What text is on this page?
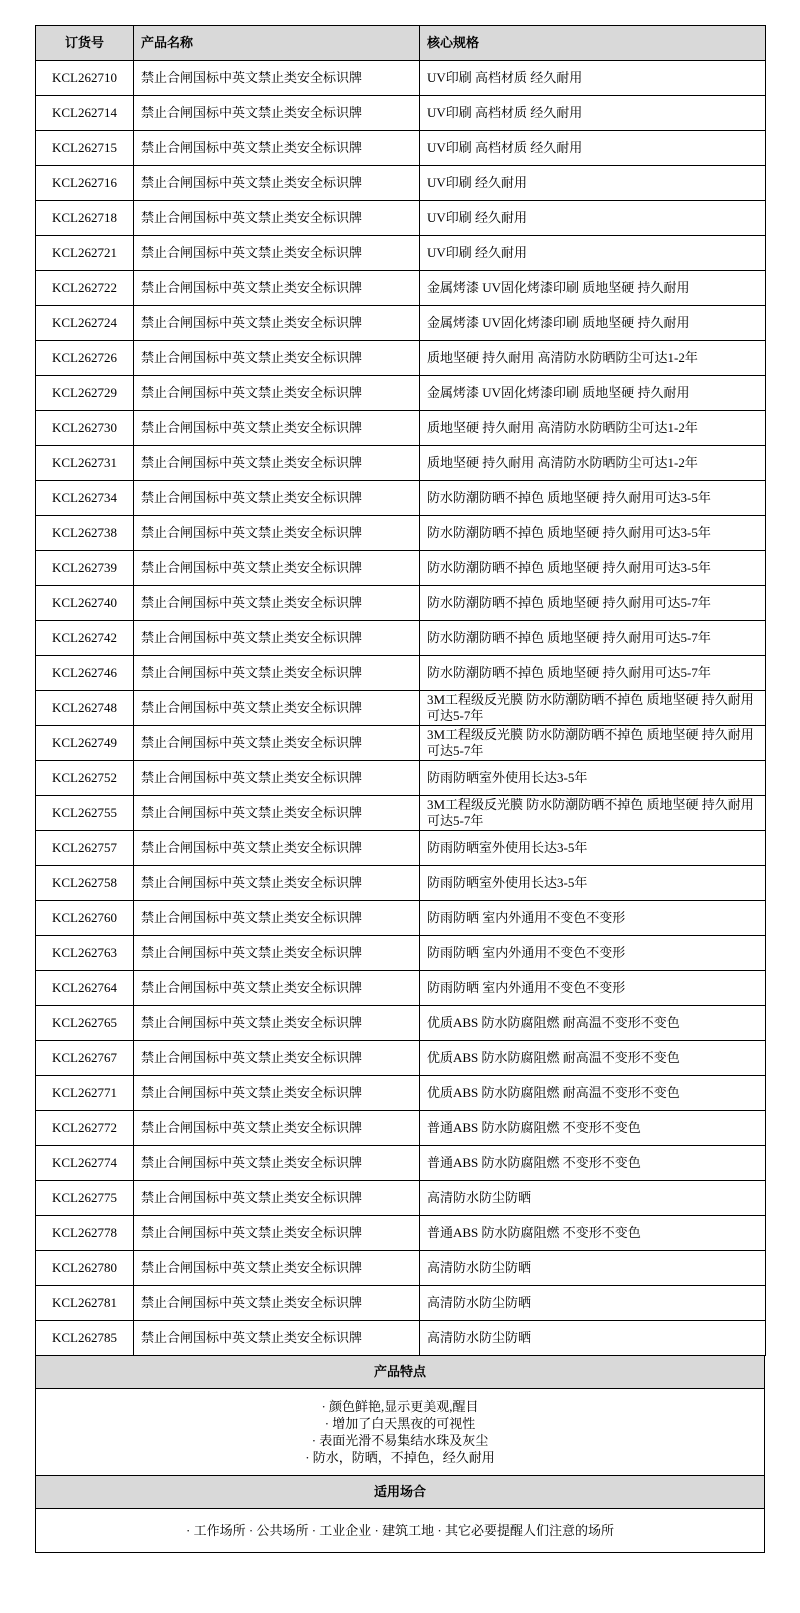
订货号	产品名称	核心规格
KCL262710	禁止合闸国标中英文禁止类安全标识牌	UV印刷 高档材质 经久耐用
KCL262714	禁止合闸国标中英文禁止类安全标识牌	UV印刷 高档材质 经久耐用
KCL262715	禁止合闸国标中英文禁止类安全标识牌	UV印刷 高档材质 经久耐用
KCL262716	禁止合闸国标中英文禁止类安全标识牌	UV印刷 经久耐用
KCL262718	禁止合闸国标中英文禁止类安全标识牌	UV印刷 经久耐用
KCL262721	禁止合闸国标中英文禁止类安全标识牌	UV印刷 经久耐用
KCL262722	禁止合闸国标中英文禁止类安全标识牌	金属烤漆 UV固化烤漆印刷 质地坚硬 持久耐用
KCL262724	禁止合闸国标中英文禁止类安全标识牌	金属烤漆 UV固化烤漆印刷 质地坚硬 持久耐用
KCL262726	禁止合闸国标中英文禁止类安全标识牌	质地坚硬 持久耐用 高清防水防晒防尘可达1-2年
KCL262729	禁止合闸国标中英文禁止类安全标识牌	金属烤漆 UV固化烤漆印刷 质地坚硬 持久耐用
KCL262730	禁止合闸国标中英文禁止类安全标识牌	质地坚硬 持久耐用 高清防水防晒防尘可达1-2年
KCL262731	禁止合闸国标中英文禁止类安全标识牌	质地坚硬 持久耐用 高清防水防晒防尘可达1-2年
KCL262734	禁止合闸国标中英文禁止类安全标识牌	防水防潮防晒不掉色 质地坚硬 持久耐用可达3-5年
KCL262738	禁止合闸国标中英文禁止类安全标识牌	防水防潮防晒不掉色 质地坚硬 持久耐用可达3-5年
KCL262739	禁止合闸国标中英文禁止类安全标识牌	防水防潮防晒不掉色 质地坚硬 持久耐用可达3-5年
KCL262740	禁止合闸国标中英文禁止类安全标识牌	防水防潮防晒不掉色 质地坚硬 持久耐用可达5-7年
KCL262742	禁止合闸国标中英文禁止类安全标识牌	防水防潮防晒不掉色 质地坚硬 持久耐用可达5-7年
KCL262746	禁止合闸国标中英文禁止类安全标识牌	防水防潮防晒不掉色 质地坚硬 持久耐用可达5-7年
KCL262748	禁止合闸国标中英文禁止类安全标识牌	3M工程级反光膜 防水防潮防晒不掉色 质地坚硬 持久耐用可达5-7年
KCL262749	禁止合闸国标中英文禁止类安全标识牌	3M工程级反光膜 防水防潮防晒不掉色 质地坚硬 持久耐用可达5-7年
KCL262752	禁止合闸国标中英文禁止类安全标识牌	防雨防晒室外使用长达3-5年
KCL262755	禁止合闸国标中英文禁止类安全标识牌	3M工程级反光膜 防水防潮防晒不掉色 质地坚硬 持久耐用可达5-7年
KCL262757	禁止合闸国标中英文禁止类安全标识牌	防雨防晒室外使用长达3-5年
KCL262758	禁止合闸国标中英文禁止类安全标识牌	防雨防晒室外使用长达3-5年
KCL262760	禁止合闸国标中英文禁止类安全标识牌	防雨防晒 室内外通用不变色不变形
KCL262763	禁止合闸国标中英文禁止类安全标识牌	防雨防晒 室内外通用不变色不变形
KCL262764	禁止合闸国标中英文禁止类安全标识牌	防雨防晒 室内外通用不变色不变形
KCL262765	禁止合闸国标中英文禁止类安全标识牌	优质ABS 防水防腐阻燃 耐高温不变形不变色
KCL262767	禁止合闸国标中英文禁止类安全标识牌	优质ABS 防水防腐阻燃 耐高温不变形不变色
KCL262771	禁止合闸国标中英文禁止类安全标识牌	优质ABS 防水防腐阻燃 耐高温不变形不变色
KCL262772	禁止合闸国标中英文禁止类安全标识牌	普通ABS 防水防腐阻燃 不变形不变色
KCL262774	禁止合闸国标中英文禁止类安全标识牌	普通ABS 防水防腐阻燃 不变形不变色
KCL262775	禁止合闸国标中英文禁止类安全标识牌	高清防水防尘防晒
KCL262778	禁止合闸国标中英文禁止类安全标识牌	普通ABS 防水防腐阻燃 不变形不变色
KCL262780	禁止合闸国标中英文禁止类安全标识牌	高清防水防尘防晒
KCL262781	禁止合闸国标中英文禁止类安全标识牌	高清防水防尘防晒
KCL262785	禁止合闸国标中英文禁止类安全标识牌	高清防水防尘防晒
产品特点
· 颜色鲜艳,显示更美观,醒目
· 增加了白天黑夜的可视性
· 表面光滑不易集结水珠及灰尘
· 防水，防晒，不掉色，经久耐用
适用场合
· 工作场所 · 公共场所 · 工业企业 · 建筑工地 · 其它必要提醒人们注意的场所
